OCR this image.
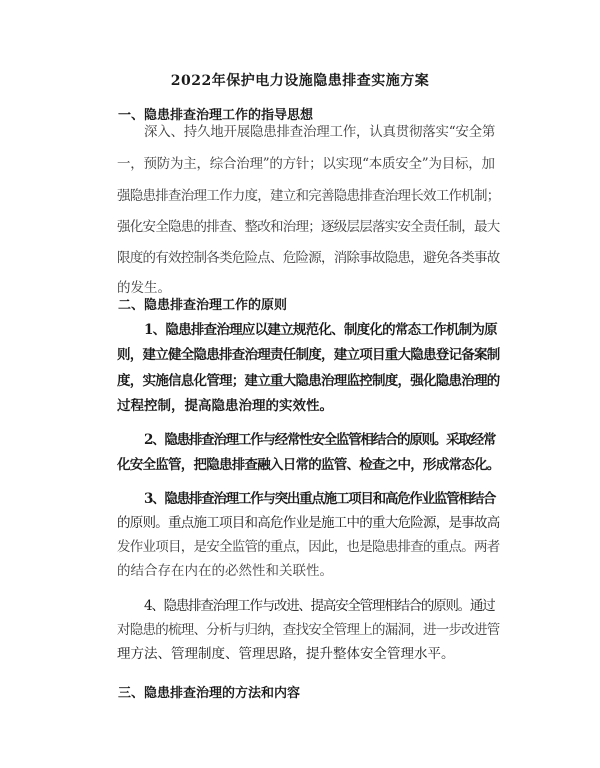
2022年保护电力设施隐患排查实施方案
一、隐患排查治理工作的指导思想
深入、持久地开展隐患排查治理工作，认真贯彻落实“安全第
一，预防为主，综合治理”的方针；以实现“本质安全”为目标，加
强隐患排查治理工作力度，建立和完善隐患排查治理长效工作机制；
强化安全隐患的排查、整改和治理；逐级层层落实安全责任制，最大
限度的有效控制各类危险点、危险源，消除事故隐患，避免各类事故
的发生。
二、隐患排查治理工作的原则
1、隐患排查治理应以建立规范化、制度化的常态工作机制为原
则，建立健全隐患排查治理责任制度，建立项目重大隐患登记备案制
度，实施信息化管理；建立重大隐患治理监控制度，强化隐患治理的
过程控制，提高隐患治理的实效性。
2、隐患排查治理工作与经常性安全监管相结合的原则。采取经常
化安全监管，把隐患排查融入日常的监管、检查之中，形成常态化。
3、隐患排查治理工作与突出重点施工项目和高危作业监管相结合
的原则。重点施工项目和高危作业是施工中的重大危险源，是事故高
发作业项目，是安全监管的重点，因此，也是隐患排查的重点。两者
的结合存在内在的必然性和关联性。
4、隐患排查治理工作与改进、提高安全管理相结合的原则。通过
对隐患的梳理、分析与归纳，查找安全管理上的漏洞，进一步改进管
理方法、管理制度、管理思路，提升整体安全管理水平。
三、隐患排查治理的方法和内容
